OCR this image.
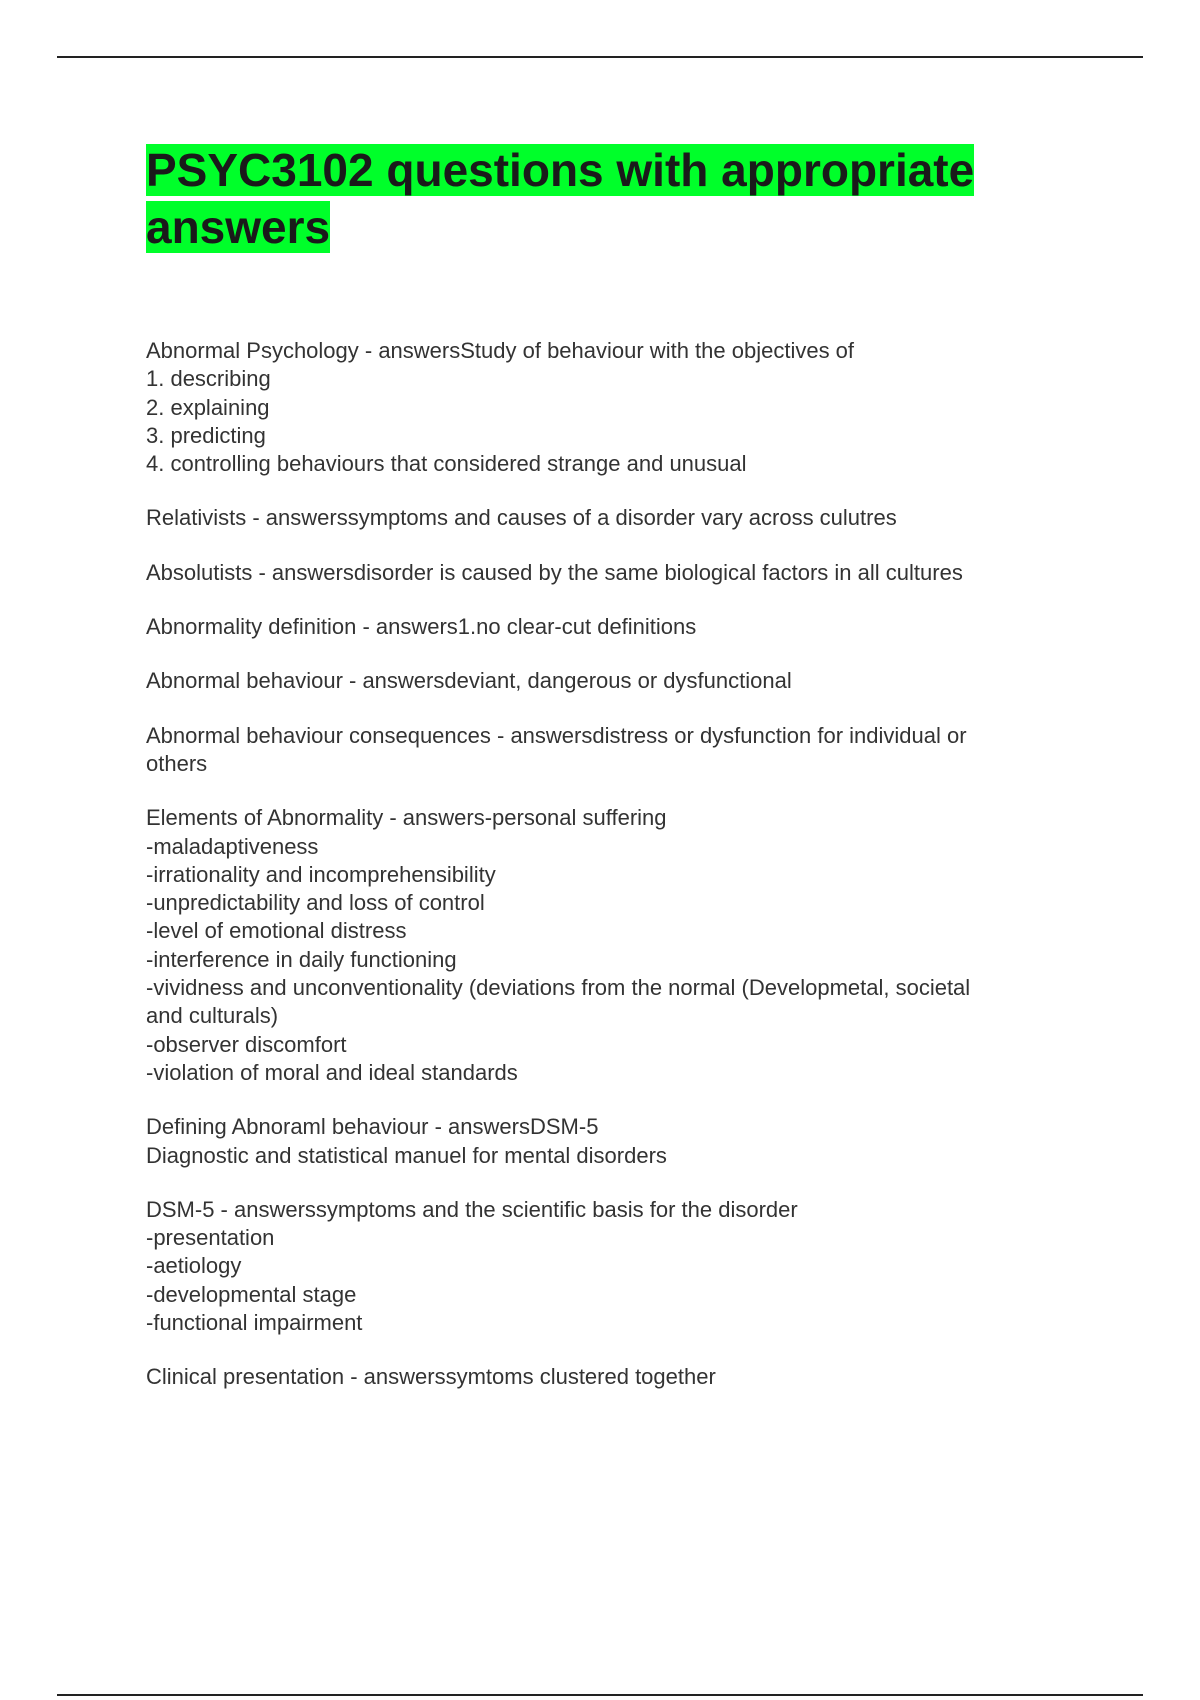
PSYC3102 questions with appropriate answers
Abnormal Psychology - answersStudy of behaviour with the objectives of
1. describing
2. explaining
3. predicting
4. controlling behaviours that considered strange and unusual
Relativists - answerssymptoms and causes of a disorder vary across culutres
Absolutists - answersdisorder is caused by the same biological factors in all cultures
Abnormality definition - answers1.no clear-cut definitions
Abnormal behaviour - answersdeviant, dangerous or dysfunctional
Abnormal behaviour consequences - answersdistress or dysfunction for individual or
others
Elements of Abnormality - answers-personal suffering
-maladaptiveness
-irrationality and incomprehensibility
-unpredictability and loss of control
-level of emotional distress
-interference in daily functioning
-vividness and unconventionality (deviations from the normal (Developmetal, societal
and culturals)
-observer discomfort
-violation of moral and ideal standards
Defining Abnoraml behaviour - answersDSM-5
Diagnostic and statistical manuel for mental disorders
DSM-5 - answerssymptoms and the scientific basis for the disorder
-presentation
-aetiology
-developmental stage
-functional impairment
Clinical presentation - answerssymtoms clustered together
